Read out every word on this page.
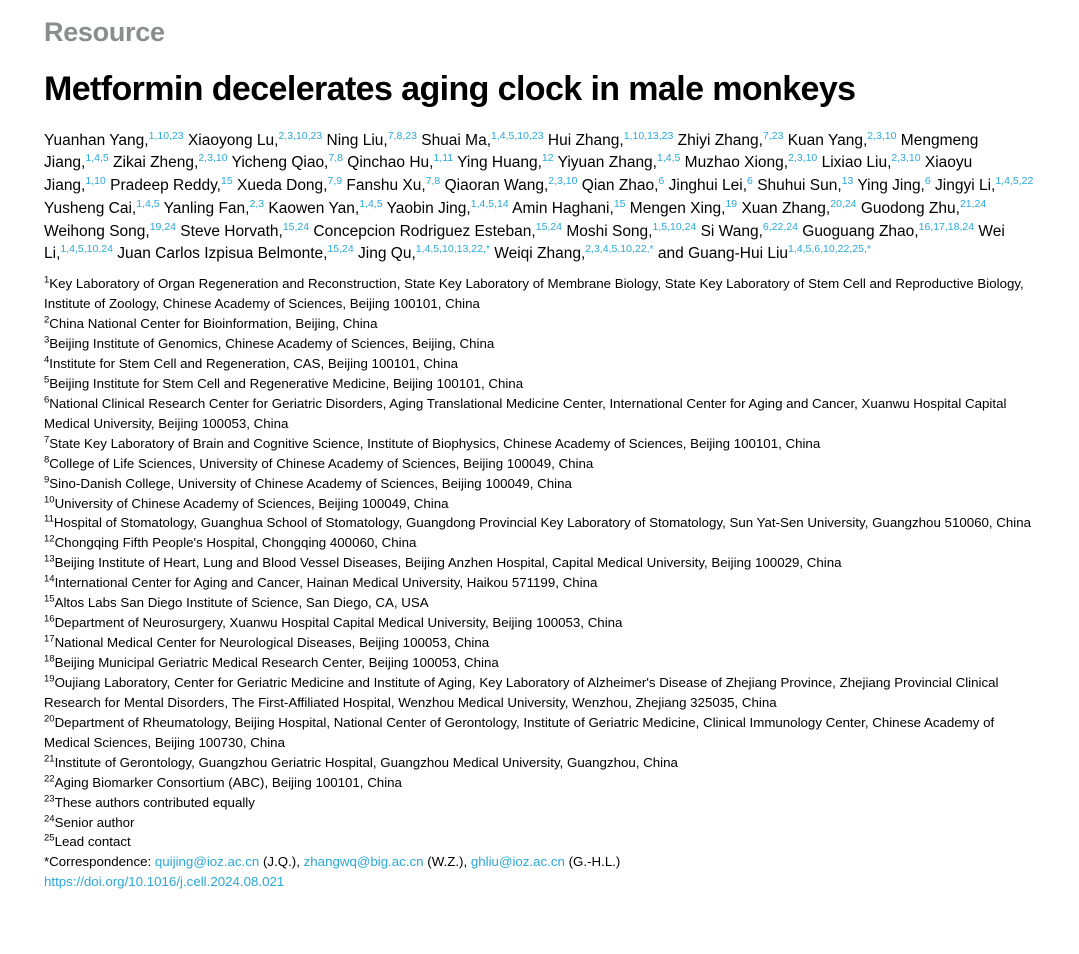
Resource
Metformin decelerates aging clock in male monkeys
Yuanhan Yang,$^{1,10,23}$ Xiaoyong Lu,$^{2,3,10,23}$ Ning Liu,$^{7,8,23}$ Shuai Ma,$^{1,4,5,10,23}$ Hui Zhang,$^{1,10,13,23}$ Zhiyi Zhang,$^{7,23}$ Kuan Yang,$^{2,3,10}$ Mengmeng Jiang,$^{1,4,5}$ Zikai Zheng,$^{2,3,10}$ Yicheng Qiao,$^{7,8}$ Qinchao Hu,$^{1,11}$ Ying Huang,$^{12}$ Yiyuan Zhang,$^{1,4,5}$ Muzhao Xiong,$^{2,3,10}$ Lixiao Liu,$^{2,3,10}$ Xiaoyu Jiang,$^{1,10}$ Pradeep Reddy,$^{15}$ Xueda Dong,$^{7,9}$ Fanshu Xu,$^{7,8}$ Qiaoran Wang,$^{2,3,10}$ Qian Zhao,$^6$ Jinghui Lei,$^6$ Shuhui Sun,$^{13}$ Ying Jing,$^6$ Jingyi Li,$^{1,4,5,22}$ Yusheng Cai,$^{1,4,5}$ Yanling Fan,$^{2,3}$ Kaowen Yan,$^{1,4,5}$ Yaobin Jing,$^{1,4,5,14}$ Amin Haghani,$^{15}$ Mengen Xing,$^{19}$ Xuan Zhang,$^{20,24}$ Guodong Zhu,$^{21,24}$ Weihong Song,$^{19,24}$ Steve Horvath,$^{15,24}$ Concepcion Rodriguez Esteban,$^{15,24}$ Moshi Song,$^{1,5,10,24}$ Si Wang,$^{6,22,24}$ Guoguang Zhao,$^{16,17,18,24}$ Wei Li,$^{1,4,5,10,24}$ Juan Carlos Izpisua Belmonte,$^{15,24}$ Jing Qu,$^{1,4,5,10,13,22,*}$ Weiqi Zhang,$^{2,3,4,5,10,22,*}$ and Guang-Hui Liu$^{1,4,5,6,10,22,25,*}$

$^1$Key Laboratory of Organ Regeneration and Reconstruction, State Key Laboratory of Membrane Biology, State Key Laboratory of Stem Cell and Reproductive Biology, Institute of Zoology, Chinese Academy of Sciences, Beijing 100101, China

$^2$China National Center for Bioinformation, Beijing, China

$^3$Beijing Institute of Genomics, Chinese Academy of Sciences, Beijing, China

$^4$Institute for Stem Cell and Regeneration, CAS, Beijing 100101, China

$^5$Beijing Institute for Stem Cell and Regenerative Medicine, Beijing 100101, China

$^6$National Clinical Research Center for Geriatric Disorders, Aging Translational Medicine Center, International Center for Aging and Cancer, Xuanwu Hospital Capital Medical University, Beijing 100053, China

$^7$State Key Laboratory of Brain and Cognitive Science, Institute of Biophysics, Chinese Academy of Sciences, Beijing 100101, China

$^8$College of Life Sciences, University of Chinese Academy of Sciences, Beijing 100049, China

$^9$Sino-Danish College, University of Chinese Academy of Sciences, Beijing 100049, China

$^{10}$University of Chinese Academy of Sciences, Beijing 100049, China

$^{11}$Hospital of Stomatology, Guanghua School of Stomatology, Guangdong Provincial Key Laboratory of Stomatology, Sun Yat-Sen University, Guangzhou 510060, China

$^{12}$Chongqing Fifth People's Hospital, Chongqing 400060, China

$^{13}$Beijing Institute of Heart, Lung and Blood Vessel Diseases, Beijing Anzhen Hospital, Capital Medical University, Beijing 100029, China

$^{14}$International Center for Aging and Cancer, Hainan Medical University, Haikou 571199, China

$^{15}$Altos Labs San Diego Institute of Science, San Diego, CA, USA

$^{16}$Department of Neurosurgery, Xuanwu Hospital Capital Medical University, Beijing 100053, China

$^{17}$National Medical Center for Neurological Diseases, Beijing 100053, China

$^{18}$Beijing Municipal Geriatric Medical Research Center, Beijing 100053, China

$^{19}$Oujiang Laboratory, Center for Geriatric Medicine and Institute of Aging, Key Laboratory of Alzheimer's Disease of Zhejiang Province, Zhejiang Provincial Clinical Research for Mental Disorders, The First-Affiliated Hospital, Wenzhou Medical University, Wenzhou, Zhejiang 325035, China

$^{20}$Department of Rheumatology, Beijing Hospital, National Center of Gerontology, Institute of Geriatric Medicine, Clinical Immunology Center, Chinese Academy of Medical Sciences, Beijing 100730, China

$^{21}$Institute of Gerontology, Guangzhou Geriatric Hospital, Guangzhou Medical University, Guangzhou, China

$^{22}$Aging Biomarker Consortium (ABC), Beijing 100101, China

$^{23}$These authors contributed equally

$^{24}$Senior author

$^{25}$Lead contact

*Correspondence: quijing@ioz.ac.cn (J.Q.), zhangwq@big.ac.cn (W.Z.), ghliu@ioz.ac.cn (G.-H.L.)
https://doi.org/10.1016/j.cell.2024.08.021
